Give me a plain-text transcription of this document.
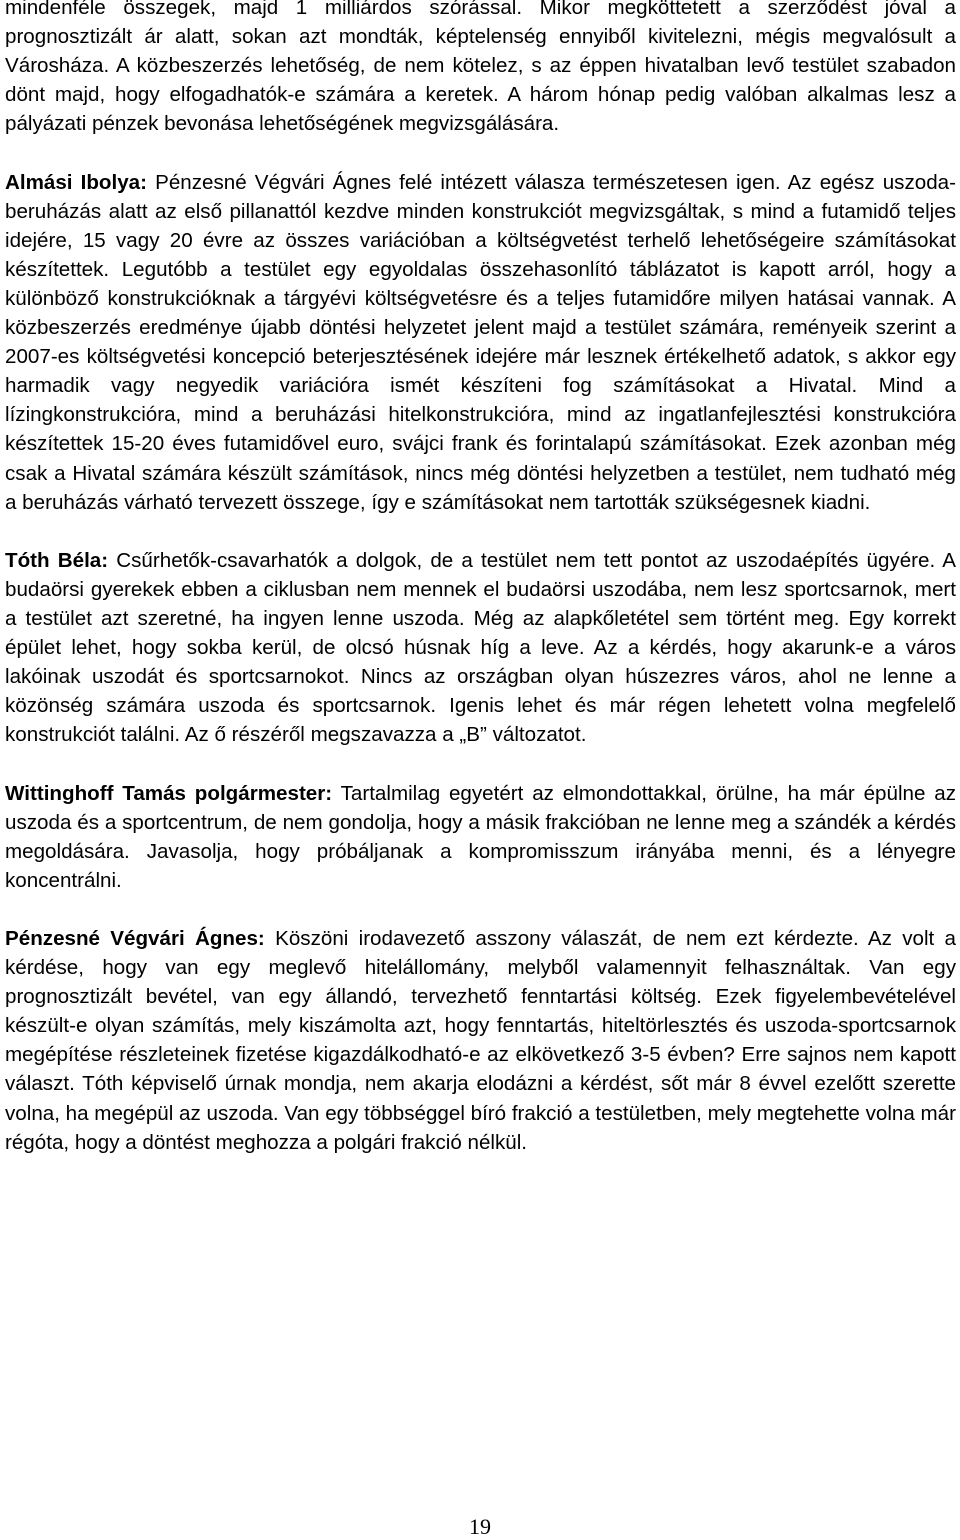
mindenféle összegek, majd 1 milliárdos szórással. Mikor megköttetett a szerződést jóval a prognosztizált ár alatt, sokan azt mondták, képtelenség ennyiből kivitelezni, mégis megvalósult a Városháza. A közbeszerzés lehetőség, de nem kötelez, s az éppen hivatalban levő testület szabadon dönt majd, hogy elfogadhatók-e számára a keretek. A három hónap pedig valóban alkalmas lesz a pályázati pénzek bevonása lehetőségének megvizsgálására.

Almási Ibolya: Pénzesné Végvári Ágnes felé intézett válasza természetesen igen. Az egész uszoda-beruházás alatt az első pillanattól kezdve minden konstrukciót megvizsgáltak, s mind a futamidő teljes idejére, 15 vagy 20 évre az összes variációban a költségvetést terhelő lehetőségeire számításokat készítettek. Legutóbb a testület egy egyoldalas összehasonlító táblázatot is kapott arról, hogy a különböző konstrukcióknak a tárgyévi költségvetésre és a teljes futamidőre milyen hatásai vannak. A közbeszerzés eredménye újabb döntési helyzetet jelent majd a testület számára, reményeik szerint a 2007-es költségvetési koncepció beterjesztésének idejére már lesznek értékelhető adatok, s akkor egy harmadik vagy negyedik variációra ismét készíteni fog számításokat a Hivatal. Mind a lízingkonstrukcióra, mind a beruházási hitelkonstrukcióra, mind az ingatlanfejlesztési konstrukcióra készítettek 15-20 éves futamidővel euro, svájci frank és forintalapú számításokat. Ezek azonban még csak a Hivatal számára készült számítások, nincs még döntési helyzetben a testület, nem tudható még a beruházás várható tervezett összege, így e számításokat nem tartották szükségesnek kiadni.

Tóth Béla: Csűrhetők-csavarhatók a dolgok, de a testület nem tett pontot az uszodaépítés ügyére. A budaörsi gyerekek ebben a ciklusban nem mennek el budaörsi uszodába, nem lesz sportcsarnok, mert a testület azt szeretné, ha ingyen lenne uszoda. Még az alapkőletétel sem történt meg. Egy korrekt épület lehet, hogy sokba kerül, de olcsó húsnak híg a leve. Az a kérdés, hogy akarunk-e a város lakóinak uszodát és sportcsarnokot. Nincs az országban olyan húszezres város, ahol ne lenne a közönség számára uszoda és sportcsarnok. Igenis lehet és már régen lehetett volna megfelelő konstrukciót találni. Az ő részéről megszavazza a „B” változatot.

Wittinghoff Tamás polgármester: Tartalmilag egyetért az elmondottakkal, örülne, ha már épülne az uszoda és a sportcentrum, de nem gondolja, hogy a másik frakcióban ne lenne meg a szándék a kérdés megoldására. Javasolja, hogy próbáljanak a kompromisszum irányába menni, és a lényegre koncentrálni.

Pénzesné Végvári Ágnes: Köszöni irodavezető asszony válaszát, de nem ezt kérdezte. Az volt a kérdése, hogy van egy meglevő hitelállomány, melyből valamennyit felhasználtak. Van egy prognosztizált bevétel, van egy állandó, tervezhető fenntartási költség. Ezek figyelembevételével készült-e olyan számítás, mely kiszámolta azt, hogy fenntartás, hiteltörlesztés és uszoda-sportcsarnok megépítése részleteinek fizetése kigazdálkodható-e az elkövetkező 3-5 évben? Erre sajnos nem kapott választ. Tóth képviselő úrnak mondja, nem akarja elodázni a kérdést, sőt már 8 évvel ezelőtt szerette volna, ha megépül az uszoda. Van egy többséggel bíró frakció a testületben, mely megtehette volna már régóta, hogy a döntést meghozza a polgári frakció nélkül.

19
